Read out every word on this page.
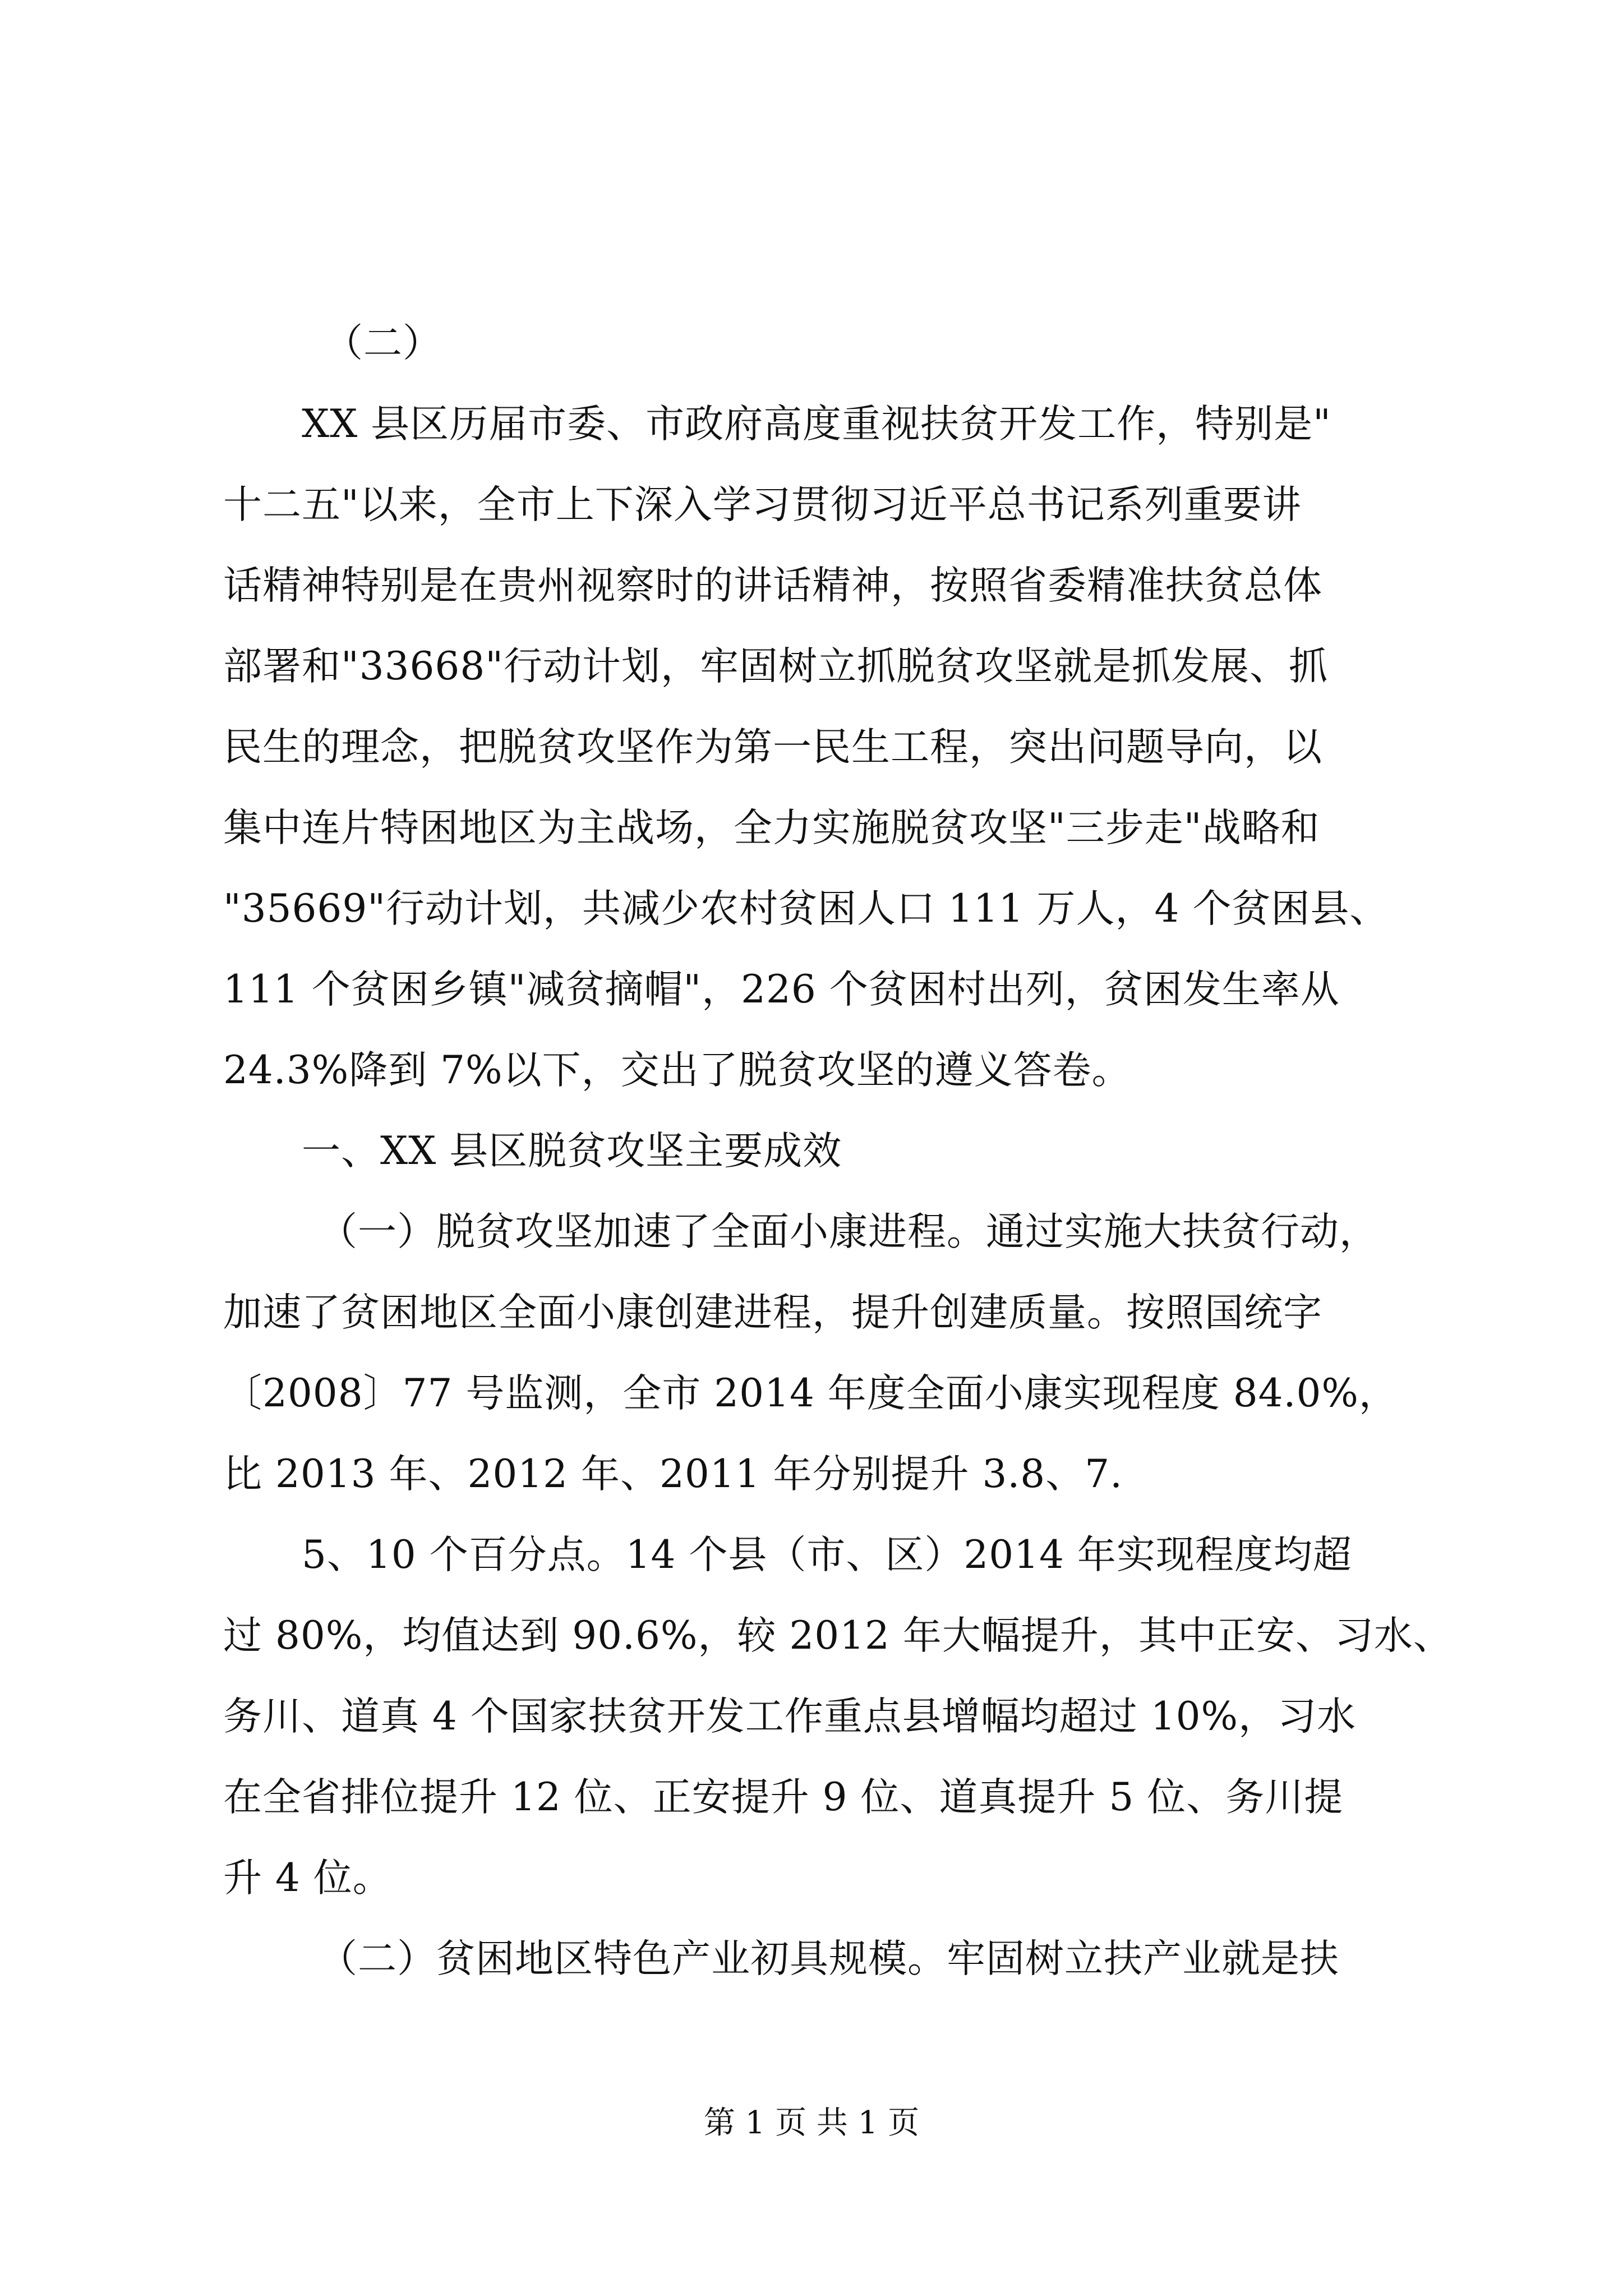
（二）
XX 县区历届市委、市政府高度重视扶贫开发工作，特别是"
十二五"以来，全市上下深入学习贯彻习近平总书记系列重要讲
话精神特别是在贵州视察时的讲话精神，按照省委精准扶贫总体
部署和"33668"行动计划，牢固树立抓脱贫攻坚就是抓发展、抓
民生的理念，把脱贫攻坚作为第一民生工程，突出问题导向，以
集中连片特困地区为主战场，全力实施脱贫攻坚"三步走"战略和
"35669"行动计划，共减少农村贫困人口 111 万人，4 个贫困县、
111 个贫困乡镇"减贫摘帽"，226 个贫困村出列，贫困发生率从
24.3%降到 7%以下，交出了脱贫攻坚的遵义答卷。
一、XX 县区脱贫攻坚主要成效
（一）脱贫攻坚加速了全面小康进程。通过实施大扶贫行动，
加速了贫困地区全面小康创建进程，提升创建质量。按照国统字
〔2008〕77 号监测，全市 2014 年度全面小康实现程度 84.0%，
比 2013 年、2012 年、2011 年分别提升 3.8、7.
5、10 个百分点。14 个县（市、区）2014 年实现程度均超
过 80%，均值达到 90.6%，较 2012 年大幅提升，其中正安、习水、
务川、道真 4 个国家扶贫开发工作重点县增幅均超过 10%，习水
在全省排位提升 12 位、正安提升 9 位、道真提升 5 位、务川提
升 4 位。
（二）贫困地区特色产业初具规模。牢固树立扶产业就是扶
第 1 页 共 1 页
